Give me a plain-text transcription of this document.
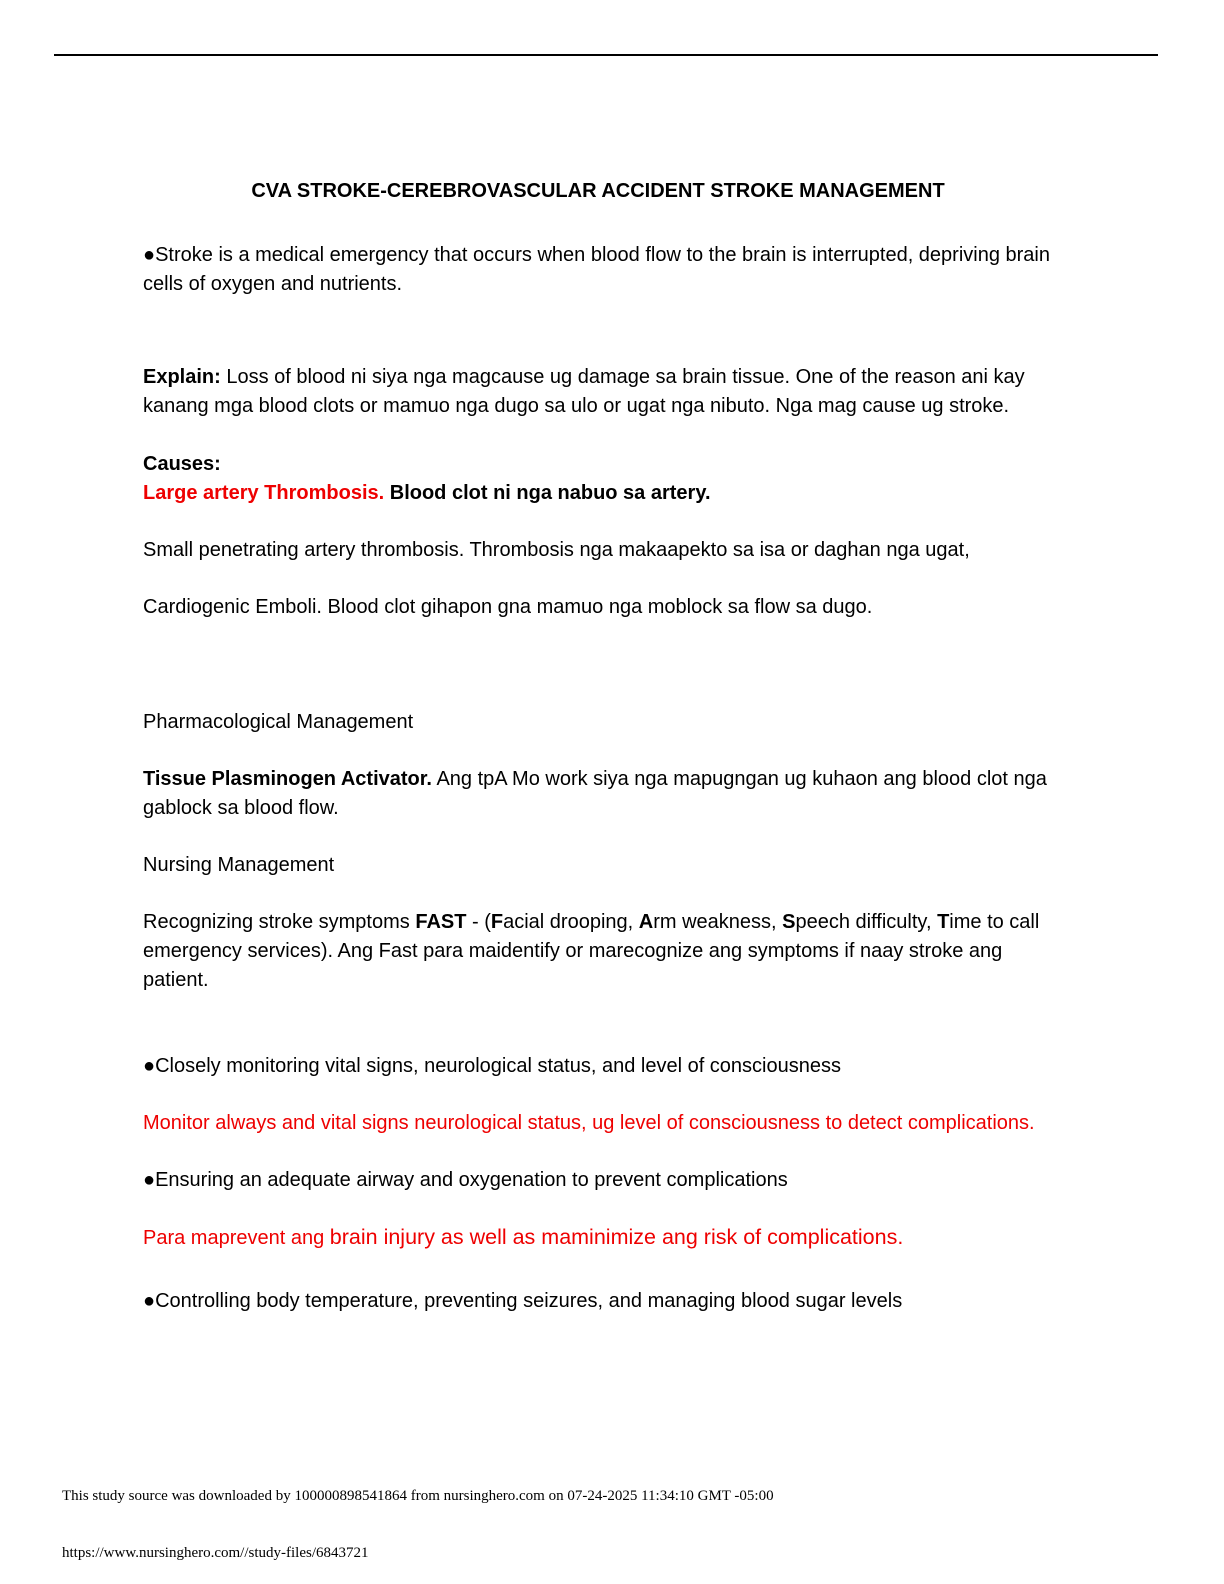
CVA STROKE-CEREBROVASCULAR ACCIDENT STROKE MANAGEMENT

●Stroke is a medical emergency that occurs when blood flow to the brain is interrupted, depriving brain cells of oxygen and nutrients.

Explain: Loss of blood ni siya nga magcause ug damage sa brain tissue. One of the reason ani kay kanang mga blood clots or mamuo nga dugo sa ulo or ugat nga nibuto. Nga mag cause ug stroke.

Causes:

Large artery Thrombosis. Blood clot ni nga nabuo sa artery.

Small penetrating artery thrombosis. Thrombosis nga makaapekto sa isa or daghan nga ugat,

Cardiogenic Emboli. Blood clot gihapon gna mamuo nga moblock sa flow sa dugo.

Pharmacological Management

Tissue Plasminogen Activator. Ang tpA Mo work siya nga mapugngan ug kuhaon ang blood clot nga gablock sa blood flow.

Nursing Management

Recognizing stroke symptoms FAST - (Facial drooping, Arm weakness, Speech difficulty, Time to call emergency services). Ang Fast para maidentify or marecognize ang symptoms if naay stroke ang patient.

●Closely monitoring vital signs, neurological status, and level of consciousness

Monitor always and vital signs neurological status, ug level of consciousness to detect complications.

●Ensuring an adequate airway and oxygenation to prevent complications

Para maprevent ang brain injury as well as maminimize ang risk of complications.

●Controlling body temperature, preventing seizures, and managing blood sugar levels

This study source was downloaded by 100000898541864 from nursinghero.com on 07-24-2025 11:34:10 GMT -05:00
https://www.nursinghero.com//study-files/6843721
